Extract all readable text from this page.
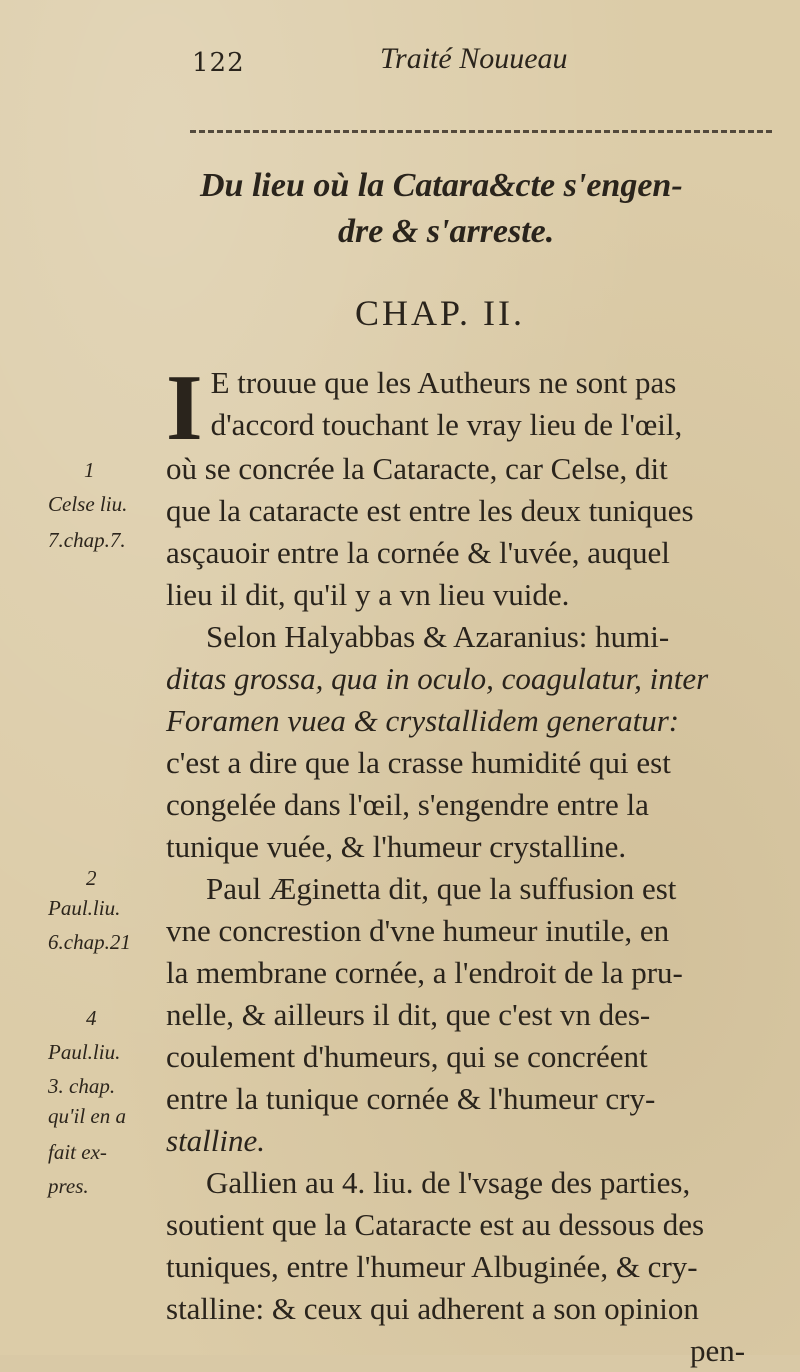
122	Traité Nouueau
Du lieu où la Catara&cte s'engen-
dre & s'arreste.
CHAP. II.
I E trouue que les Autheurs ne sont pas
d'accord touchant le vray lieu de l'œil,
où se concrée la Cataracte, car Celse, dit
que la cataracte est entre les deux tuniques
asçauoir entre la cornée & l'uvée, auquel
lieu il dit, qu'il y a vn lieu vuide.
Selon Halyabbas & Azaranius: humi-
ditas grossa, qua in oculo, coagulatur, inter
Foramen vuea & crystallidem generatur:
c'est a dire que la crasse humidité qui est
congelée dans l'œil, s'engendre entre la
tunique vuée, & l'humeur crystalline.
Paul Æginetta dit, que la suffusion est
vne concrestion d'vne humeur inutile, en
la membrane cornée, a l'endroit de la pru-
nelle, & ailleurs il dit, que c'est vn des-
coulement d'humeurs, qui se concréent
entre la tunique cornée & l'humeur cry-
stalline.
Gallien au 4. liu. de l'vsage des parties,
soutient que la Cataracte est au dessous des
tuniques, entre l'humeur Albuginée, & cry-
stalline: & ceux qui adherent a son opinion
pen-
1
Celse liu.
7.chap.7.
2
Paul.liu.
6.chap.21
4
Paul.liu.
3. chap.
qu'il en a
fait ex-
pres.
